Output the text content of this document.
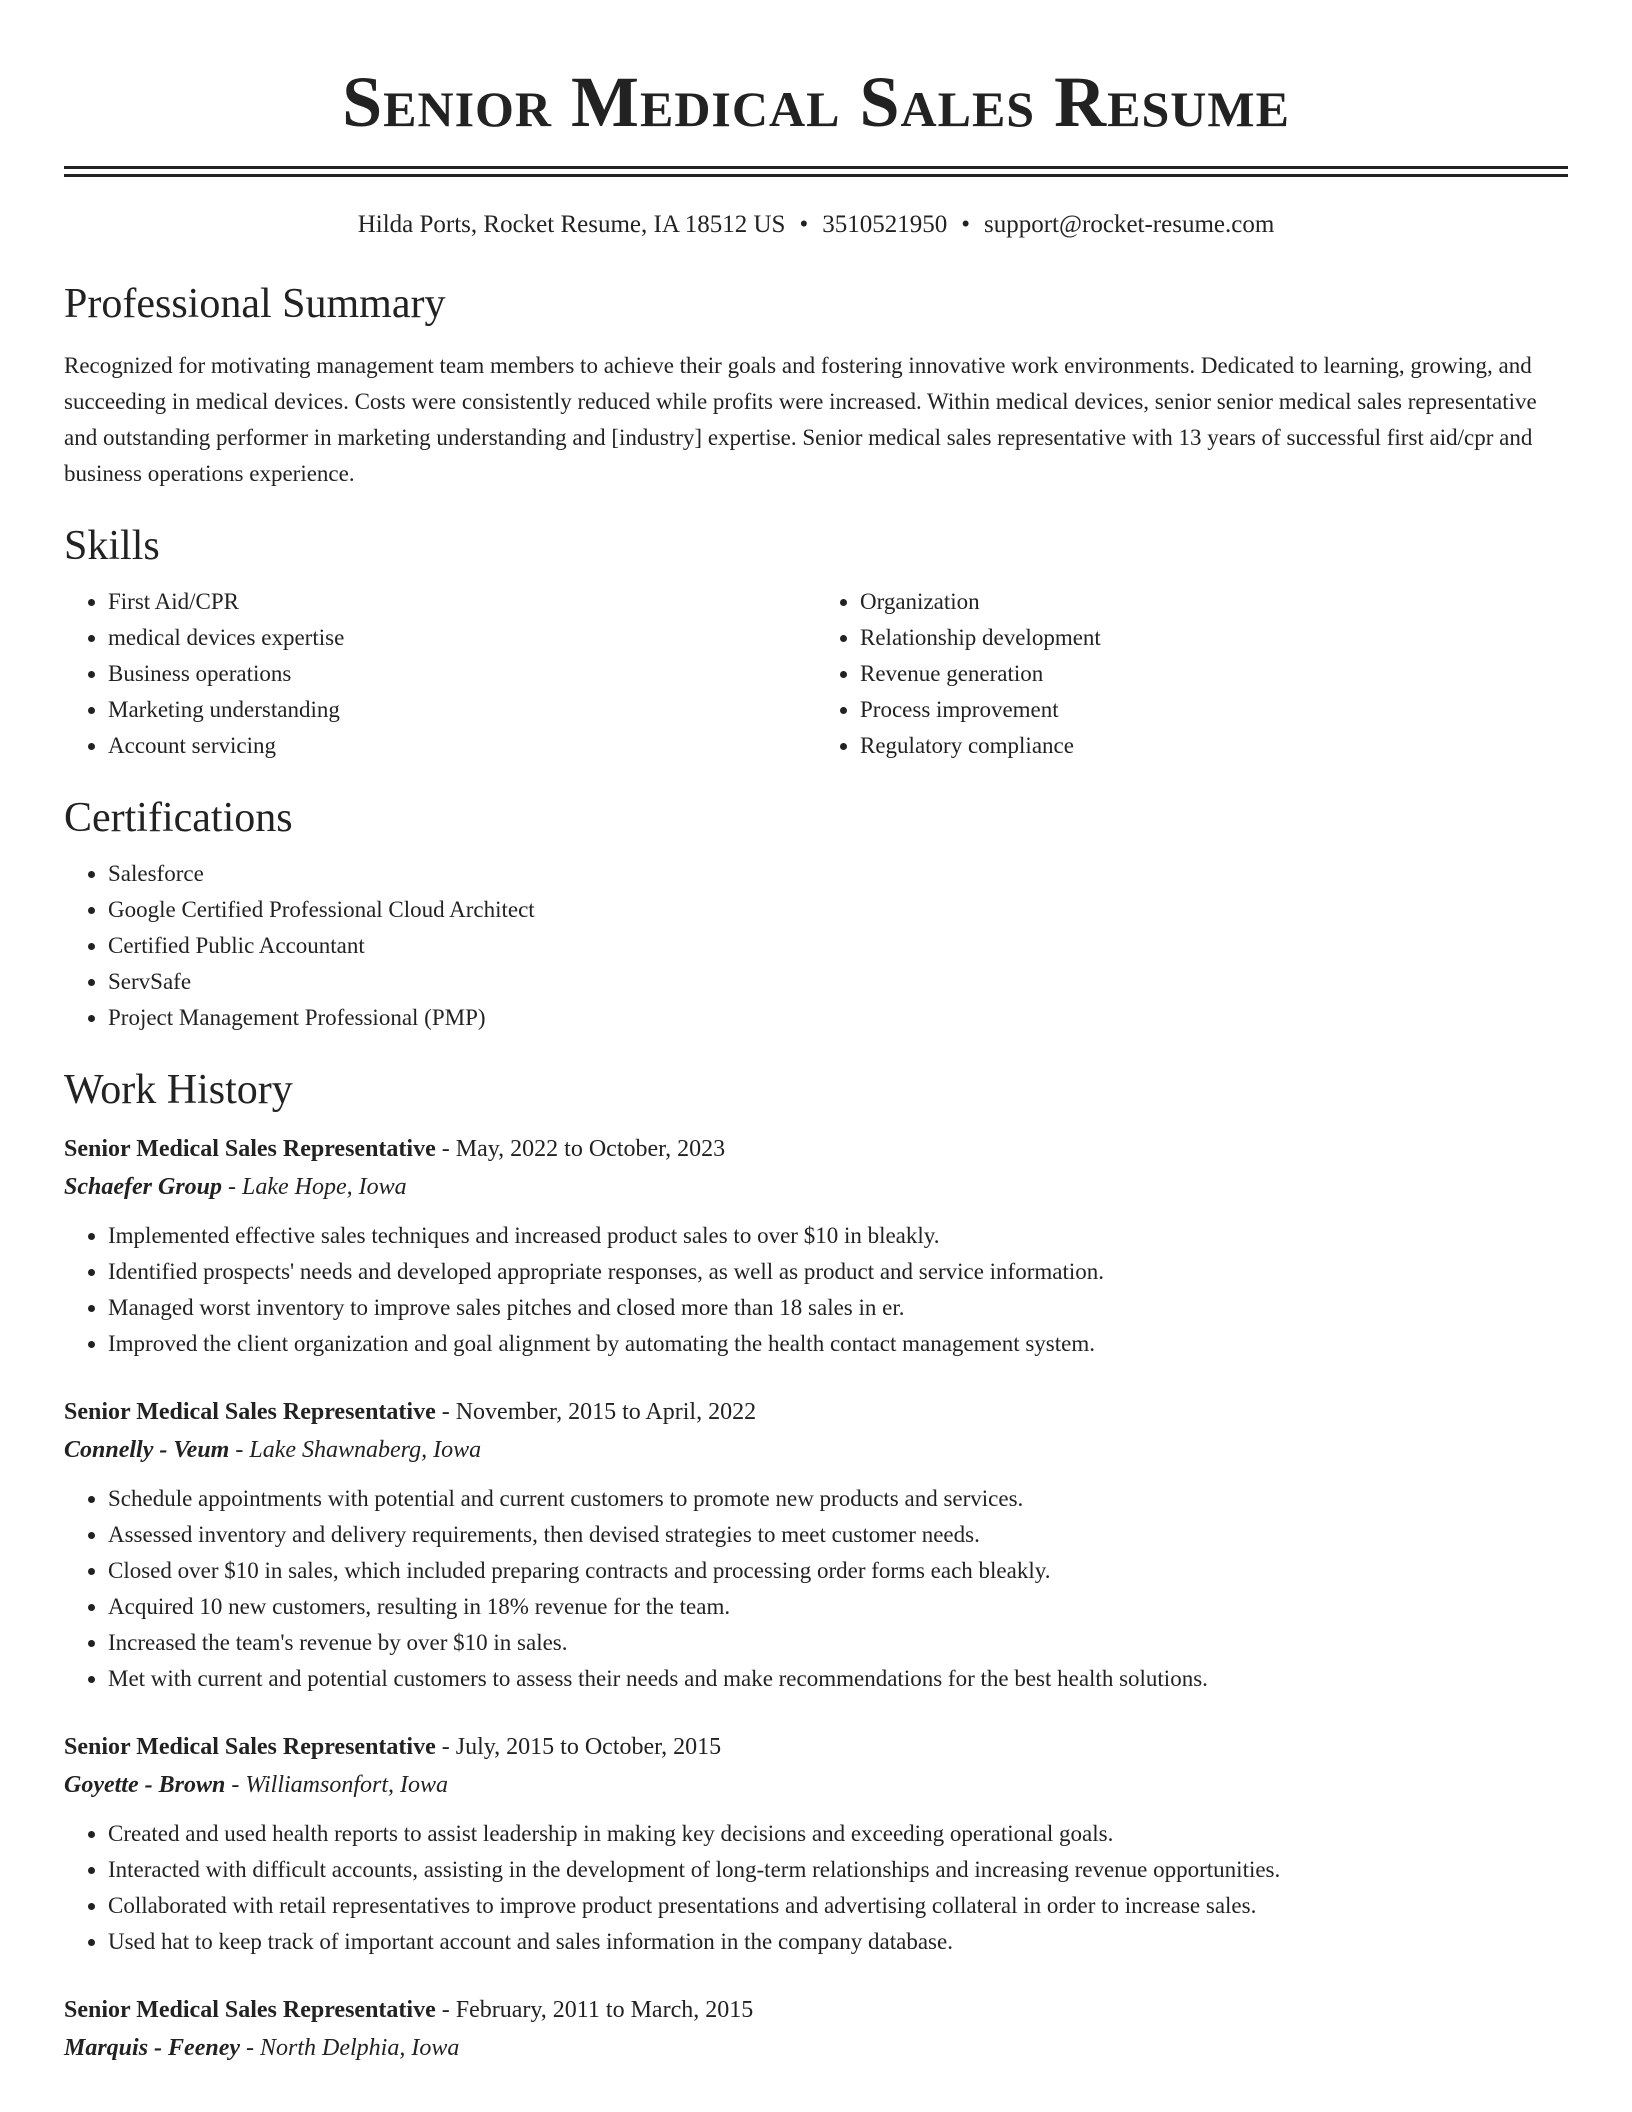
Senior Medical Sales Resume
Hilda Ports, Rocket Resume, IA 18512 US • 3510521950 • support@rocket-resume.com
Professional Summary

Recognized for motivating management team members to achieve their goals and fostering innovative work environments. Dedicated to learning, growing, and succeeding in medical devices. Costs were consistently reduced while profits were increased. Within medical devices, senior senior medical sales representative and outstanding performer in marketing understanding and [industry] expertise. Senior medical sales representative with 13 years of successful first aid/cpr and business operations experience.

Skills
• First Aid/CPR
• medical devices expertise
• Business operations
• Marketing understanding
• Account servicing
• Organization
• Relationship development
• Revenue generation
• Process improvement
• Regulatory compliance
Certifications
• Salesforce
• Google Certified Professional Cloud Architect
• Certified Public Accountant
• ServSafe
• Project Management Professional (PMP)
Work History
Senior Medical Sales Representative - May, 2022 to October, 2023
Schaefer Group - Lake Hope, Iowa
• Implemented effective sales techniques and increased product sales to over $10 in bleakly.
• Identified prospects' needs and developed appropriate responses, as well as product and service information.
• Managed worst inventory to improve sales pitches and closed more than 18 sales in er.
• Improved the client organization and goal alignment by automating the health contact management system.
Senior Medical Sales Representative - November, 2015 to April, 2022
Connelly - Veum - Lake Shawnaberg, Iowa
• Schedule appointments with potential and current customers to promote new products and services.
• Assessed inventory and delivery requirements, then devised strategies to meet customer needs.
• Closed over $10 in sales, which included preparing contracts and processing order forms each bleakly.
• Acquired 10 new customers, resulting in 18% revenue for the team.
• Increased the team's revenue by over $10 in sales.
• Met with current and potential customers to assess their needs and make recommendations for the best health solutions.
Senior Medical Sales Representative - July, 2015 to October, 2015
Goyette - Brown - Williamsonfort, Iowa
• Created and used health reports to assist leadership in making key decisions and exceeding operational goals.
• Interacted with difficult accounts, assisting in the development of long-term relationships and increasing revenue opportunities.
• Collaborated with retail representatives to improve product presentations and advertising collateral in order to increase sales.
• Used hat to keep track of important account and sales information in the company database.
Senior Medical Sales Representative - February, 2011 to March, 2015
Marquis - Feeney - North Delphia, Iowa
